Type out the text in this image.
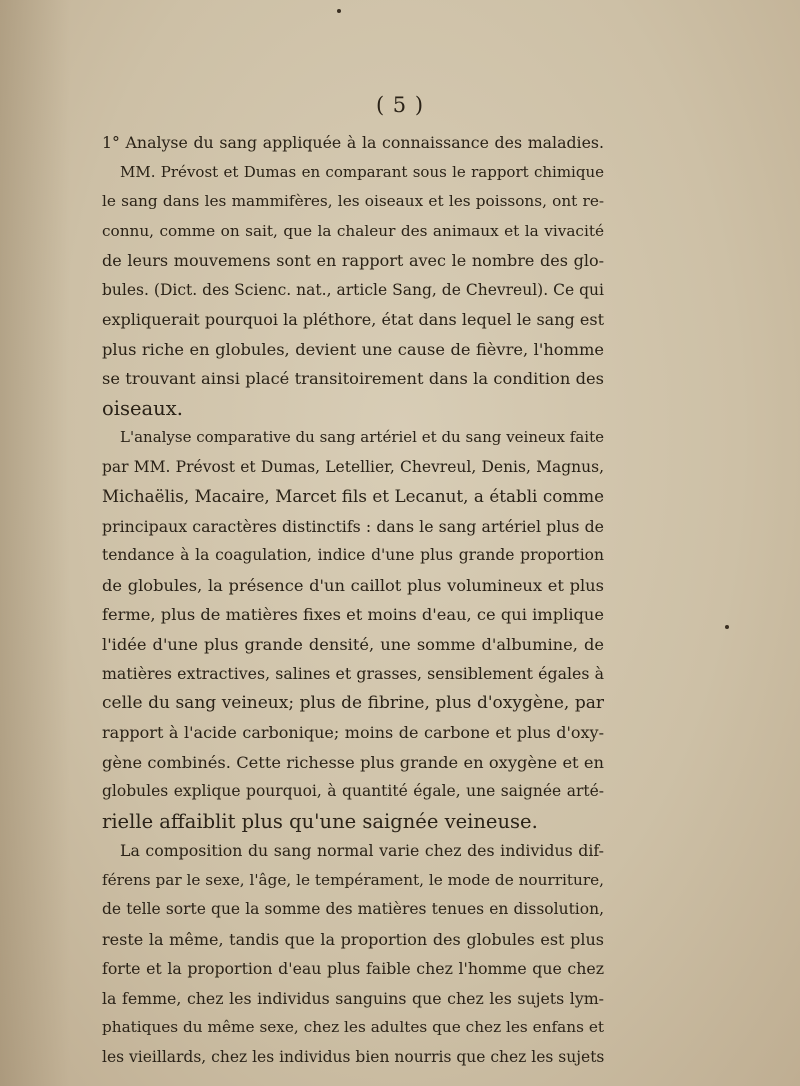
( 5 )
1° Analyse du sang appliquée à la connaissance des maladies.
MM. Prévost et Dumas en comparant sous le rapport chimique
le sang dans les mammifères, les oiseaux et les poissons, ont re-
connu, comme on sait, que la chaleur des animaux et la vivacité
de leurs mouvemens sont en rapport avec le nombre des glo-
bules. (Dict. des Scienc. nat., article Sang, de Chevreul). Ce qui
expliquerait pourquoi la pléthore, état dans lequel le sang est
plus riche en globules, devient une cause de fièvre, l'homme
se trouvant ainsi placé transitoirement dans la condition des
oiseaux.
L'analyse comparative du sang artériel et du sang veineux faite
par MM. Prévost et Dumas, Letellier, Chevreul, Denis, Magnus,
Michaëlis, Macaire, Marcet fils et Lecanut, a établi comme
principaux caractères distinctifs : dans le sang artériel plus de
tendance à la coagulation, indice d'une plus grande proportion
de globules, la présence d'un caillot plus volumineux et plus
ferme, plus de matières fixes et moins d'eau, ce qui implique
l'idée d'une plus grande densité, une somme d'albumine, de
matières extractives, salines et grasses, sensiblement égales à
celle du sang veineux; plus de fibrine, plus d'oxygène, par
rapport à l'acide carbonique; moins de carbone et plus d'oxy-
gène combinés. Cette richesse plus grande en oxygène et en
globules explique pourquoi, à quantité égale, une saignée arté-
rielle affaiblit plus qu'une saignée veineuse.
La composition du sang normal varie chez des individus dif-
férens par le sexe, l'âge, le tempérament, le mode de nourriture,
de telle sorte que la somme des matières tenues en dissolution,
reste la même, tandis que la proportion des globules est plus
forte et la proportion d'eau plus faible chez l'homme que chez
la femme, chez les individus sanguins que chez les sujets lym-
phatiques du même sexe, chez les adultes que chez les enfans et
les vieillards, chez les individus bien nourris que chez les sujets
